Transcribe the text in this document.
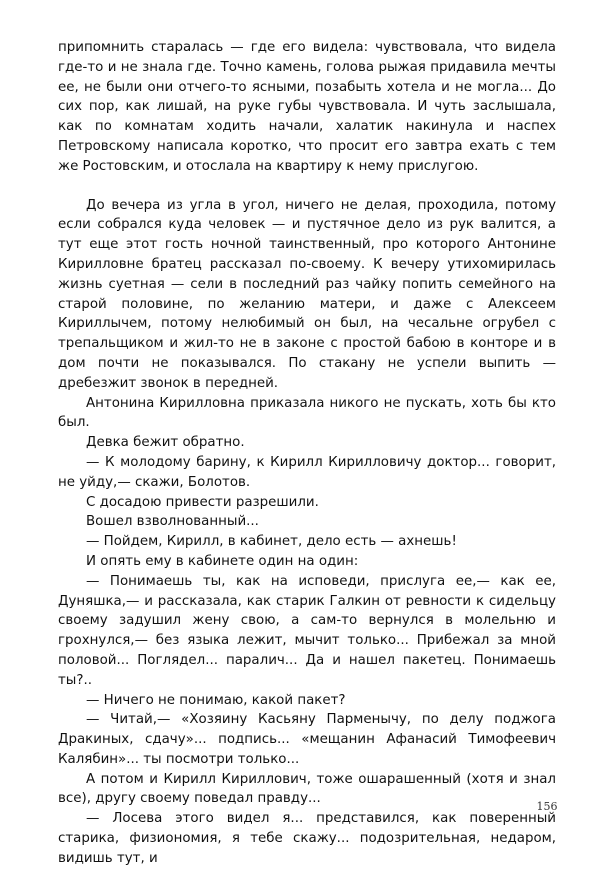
припомнить старалась — где его видела: чувствовала, что видела где-то и не знала где. Точно камень, голова рыжая придавила мечты ее, не были они отчего-то ясными, позабыть хотела и не могла... До сих пор, как лишай, на руке губы чувствовала. И чуть заслышала, как по комнатам ходить начали, халатик накинула и наспех Петровскому написала коротко, что просит его завтра ехать с тем же Ростовским, и отослала на квартиру к нему прислугою.

До вечера из угла в угол, ничего не делая, проходила, потому если собрался куда человек — и пустячное дело из рук валится, а тут еще этот гость ночной таинственный, про которого Антонине Кирилловне братец рассказал по-своему. К вечеру утихомирилась жизнь суетная — сели в последний раз чайку попить семейного на старой половине, по желанию матери, и даже с Алексеем Кириллычем, потому нелюбимый он был, на чесальне огрубел с трепальщиком и жил-то не в законе с простой бабою в конторе и в дом почти не показывался. По стакану не успели выпить — дребезжит звонок в передней.

Антонина Кирилловна приказала никого не пускать, хоть бы кто был.

Девка бежит обратно.

— К молодому барину, к Кирилл Кирилловичу доктор... говорит, не уйду,— скажи, Болотов.

С досадою привести разрешили.

Вошел взволнованный...

— Пойдем, Кирилл, в кабинет, дело есть — ахнешь!

И опять ему в кабинете один на один:

— Понимаешь ты, как на исповеди, прислуга ее,— как ее, Дуняшка,— и рассказала, как старик Галкин от ревности к сидельцу своему задушил жену свою, а сам-то вернулся в молельню и грохнулся,— без языка лежит, мычит только... Прибежал за мной половой... Поглядел... паралич... Да и нашел пакетец. Понимаешь ты?..

— Ничего не понимаю, какой пакет?

— Читай,— «Хозяину Касьяну Парменычу, по делу поджога Дракиных, сдачу»... подпись... «мещанин Афанасий Тимофеевич Калябин»... ты посмотри только...

А потом и Кирилл Кириллович, тоже ошарашенный (хотя и знал все), другу своему поведал правду...

— Лосева этого видел я... представился, как поверенный старика, физиономия, я тебе скажу... подозрительная, недаром, видишь тут, и

156
